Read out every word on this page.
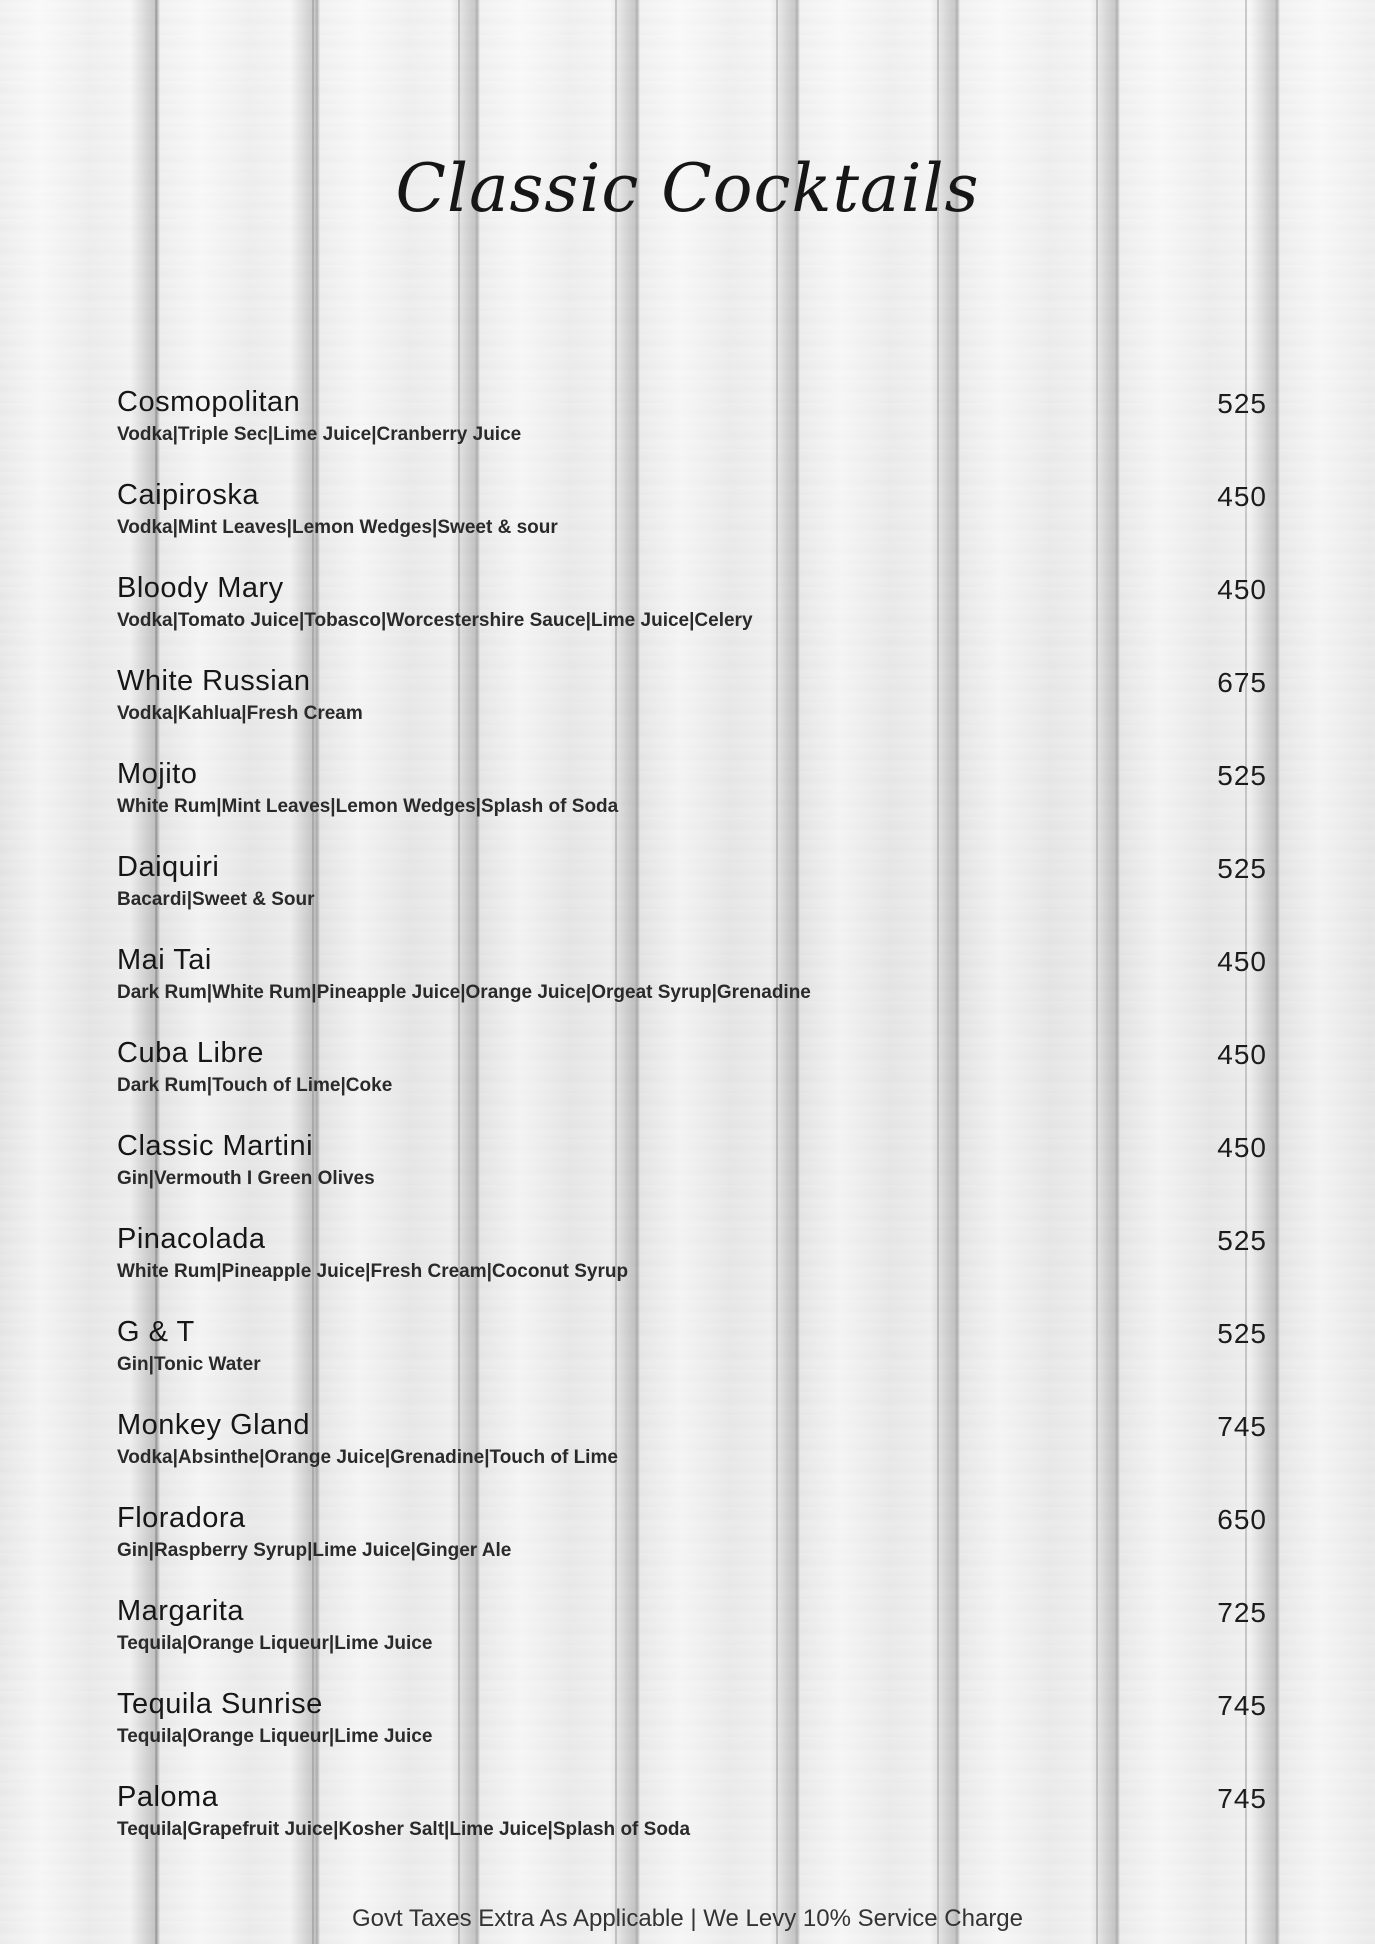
Classic Cocktails
Cosmopolitan
Vodka|Triple Sec|Lime Juice|Cranberry Juice
525
Caipiroska
Vodka|Mint Leaves|Lemon Wedges|Sweet & sour
450
Bloody Mary
Vodka|Tomato Juice|Tobasco|Worcestershire Sauce|Lime Juice|Celery
450
White Russian
Vodka|Kahlua|Fresh Cream
675
Mojito
White Rum|Mint Leaves|Lemon Wedges|Splash of Soda
525
Daiquiri
Bacardi|Sweet & Sour
525
Mai Tai
Dark Rum|White Rum|Pineapple Juice|Orange Juice|Orgeat Syrup|Grenadine
450
Cuba Libre
Dark Rum|Touch of Lime|Coke
450
Classic Martini
Gin|Vermouth I Green Olives
450
Pinacolada
White Rum|Pineapple Juice|Fresh Cream|Coconut Syrup
525
G & T
Gin|Tonic Water
525
Monkey Gland
Vodka|Absinthe|Orange Juice|Grenadine|Touch of Lime
745
Floradora
Gin|Raspberry Syrup|Lime Juice|Ginger Ale
650
Margarita
Tequila|Orange Liqueur|Lime Juice
725
Tequila Sunrise
Tequila|Orange Liqueur|Lime Juice
745
Paloma
Tequila|Grapefruit Juice|Kosher Salt|Lime Juice|Splash of Soda
745
Govt Taxes Extra As Applicable | We Levy 10% Service Charge
